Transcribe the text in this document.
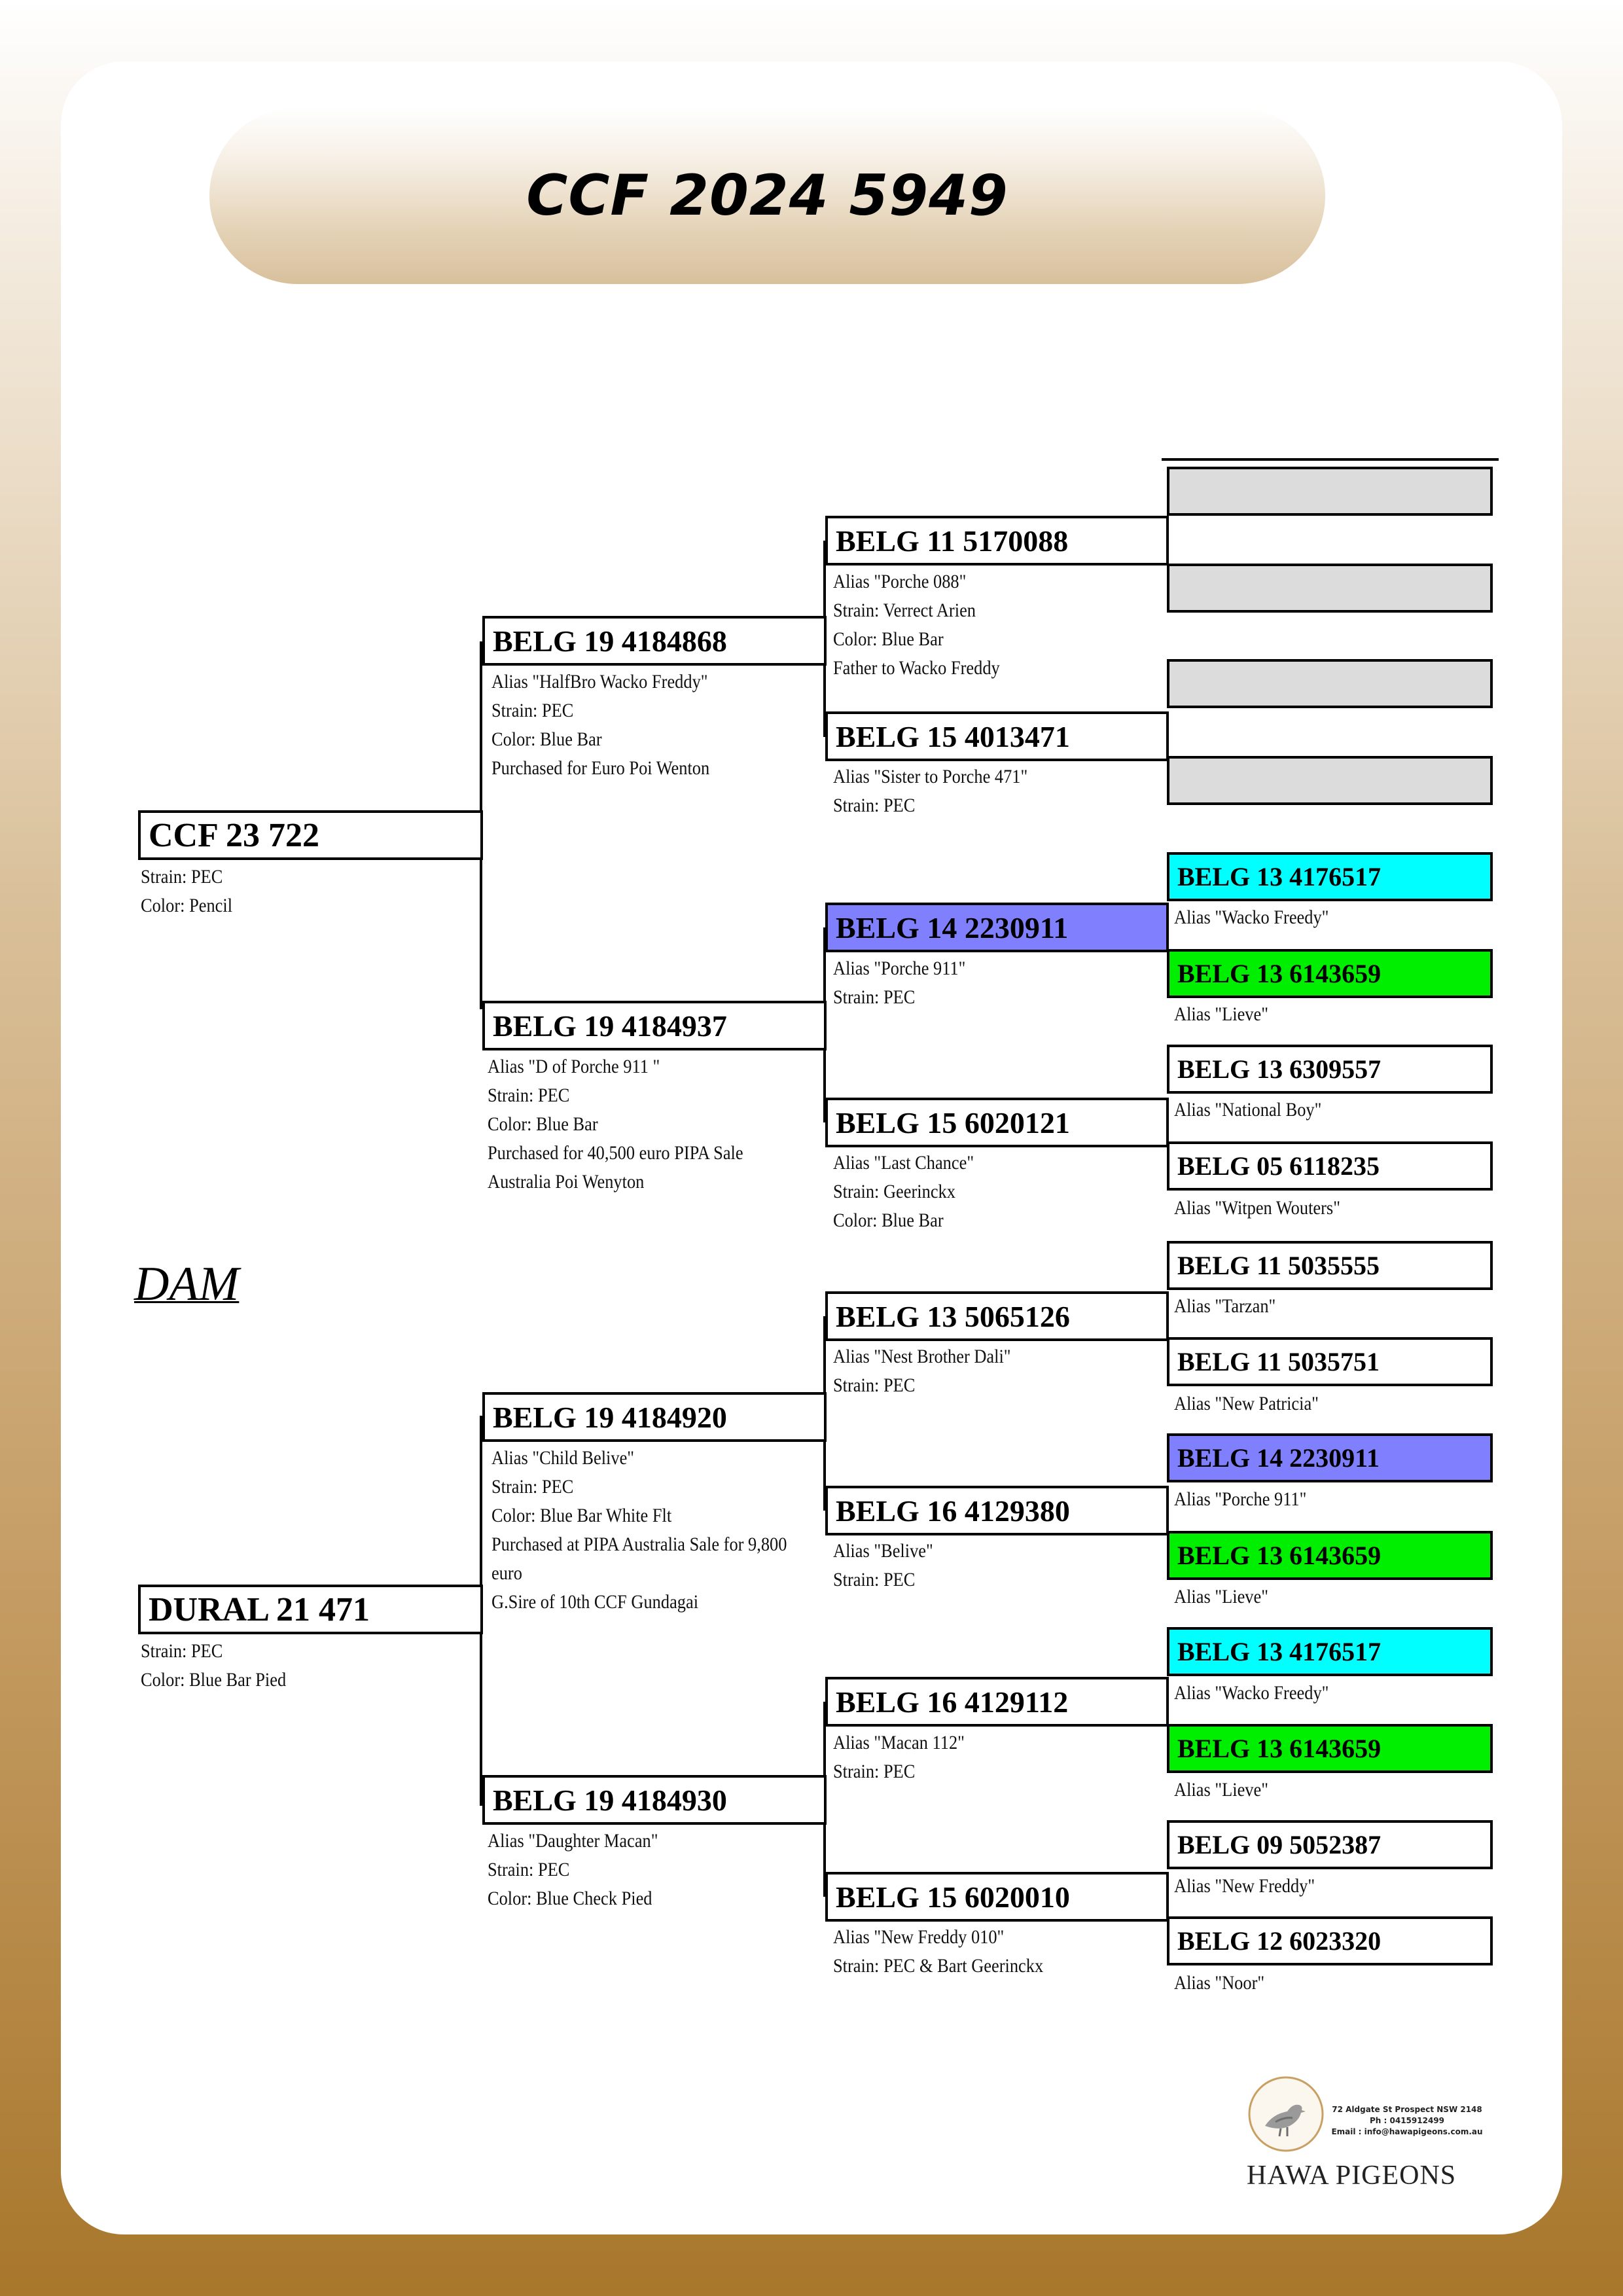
CCF 2024 5949
DAM
CCF 23 722
Strain: PEC
Color: Pencil
DURAL 21 471
Strain: PEC
Color: Blue Bar Pied
BELG 19 4184868
Alias "HalfBro Wacko Freddy"
Strain: PEC
Color: Blue Bar
Purchased for Euro Poi Wenton
BELG 19 4184937
Alias "D of Porche 911 "
Strain: PEC
Color: Blue Bar
Purchased for 40,500 euro PIPA Sale
Australia Poi Wenyton
BELG 19 4184920
Alias "Child Belive"
Strain: PEC
Color: Blue Bar White Flt
Purchased at PIPA Australia Sale for 9,800 euro
G.Sire of 10th CCF Gundagai
BELG 19 4184930
Alias "Daughter Macan"
Strain: PEC
Color: Blue Check Pied
BELG 11 5170088
Alias "Porche 088"
Strain: Verrect Arien
Color: Blue Bar
Father to Wacko Freddy
BELG 15 4013471
Alias "Sister to Porche 471"
Strain: PEC
BELG 14 2230911
Alias "Porche 911"
Strain: PEC
BELG 15 6020121
Alias "Last Chance"
Strain: Geerinckx
Color: Blue Bar
BELG 13 5065126
Alias "Nest Brother Dali"
Strain: PEC
BELG 16 4129380
Alias "Belive"
Strain: PEC
BELG 16 4129112
Alias "Macan 112"
Strain: PEC
BELG 15 6020010
Alias "New Freddy 010"
Strain: PEC & Bart Geerinckx
BELG 13 4176517
Alias "Wacko Freedy"
BELG 13 6143659
Alias "Lieve"
BELG 13 6309557
Alias "National Boy"
BELG 05 6118235
Alias "Witpen Wouters"
BELG 11 5035555
Alias "Tarzan"
BELG 11 5035751
Alias "New Patricia"
BELG 14 2230911
Alias "Porche 911"
BELG 13 6143659
Alias "Lieve"
BELG 13 4176517
Alias "Wacko Freedy"
BELG 13 6143659
Alias "Lieve"
BELG 09 5052387
Alias "New Freddy"
BELG 12 6023320
Alias "Noor"
72 Aldgate St Prospect NSW 2148
Ph : 0415912499
Email : info@hawapigeons.com.au
HAWA PIGEONS
